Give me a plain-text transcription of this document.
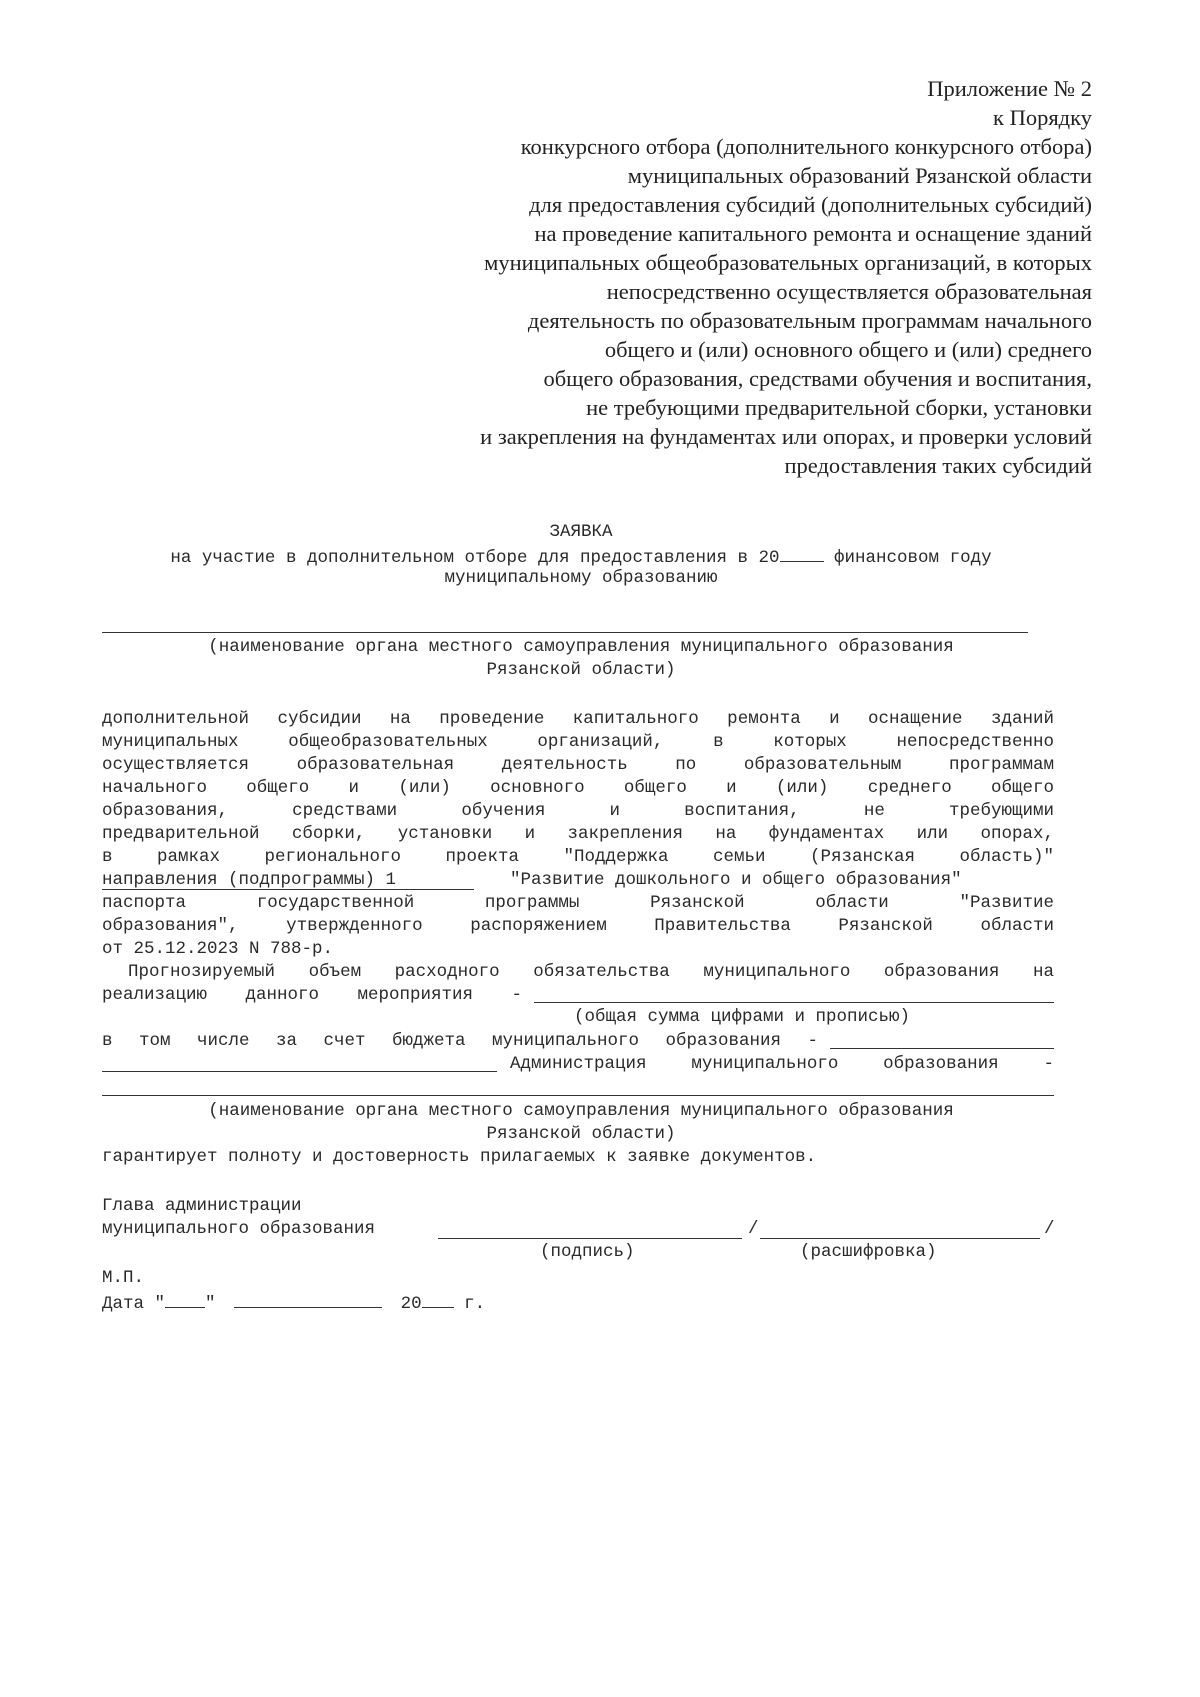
Приложение № 2
к Порядку
конкурсного отбора (дополнительного конкурсного отбора)
муниципальных образований Рязанской области
для предоставления субсидий (дополнительных субсидий)
на проведение капитального ремонта и оснащение зданий
муниципальных общеобразовательных организаций, в которых
непосредственно осуществляется образовательная
деятельность по образовательным программам начального
общего и (или) основного общего и (или) среднего
общего образования, средствами обучения и воспитания,
не требующими предварительной сборки, установки
и закрепления на фундаментах или опорах, и проверки условий
предоставления таких субсидий
ЗАЯВКА
на участие в дополнительном отборе для предоставления в 20	финансовом году
муниципальному образованию
(наименование органа местного самоуправления муниципального образования
Рязанской области)
дополнительной субсидии на проведение капитального ремонта и оснащение зданий
муниципальных общеобразовательных организаций, в которых непосредственно
осуществляется образовательная деятельность по образовательным программам
начального общего и (или) основного общего и (или) среднего общего
образования, средствами обучения и воспитания, не требующими
предварительной сборки, установки и закрепления на фундаментах или опорах,
в рамках регионального проекта "Поддержка семьи (Рязанская область)"
направления (подпрограммы) 1	"Развитие дошкольного и общего образования"
паспорта государственной программы Рязанской области "Развитие
образования", утвержденного распоряжением Правительства Рязанской области
от 25.12.2023 N 788-р.
Прогнозируемый объем расходного обязательства муниципального образования на
реализацию данного мероприятия -
(общая сумма цифрами и прописью)
в том числе за счет бюджета муниципального образования -
Администрация муниципального образования -
(наименование органа местного самоуправления муниципального образования
Рязанской области)
гарантирует полноту и достоверность прилагаемых к заявке документов.
Глава администрации
муниципального образования	/	/
(подпись)	(расшифровка)
М.П.
Дата " "	20 г.
